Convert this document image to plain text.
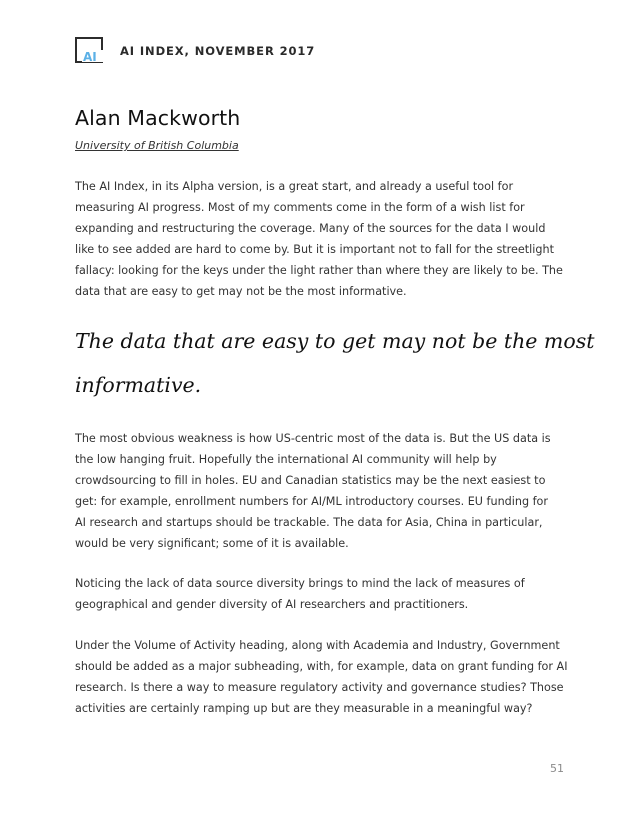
AI AI INDEX, NOVEMBER 2017
Alan Mackworth
University of British Columbia
The AI Index, in its Alpha version, is a great start, and already a useful tool for
measuring AI progress. Most of my comments come in the form of a wish list for
expanding and restructuring the coverage. Many of the sources for the data I would
like to see added are hard to come by. But it is important not to fall for the streetlight
fallacy: looking for the keys under the light rather than where they are likely to be. The
data that are easy to get may not be the most informative.
The data that are easy to get may not be the most
informative.
The most obvious weakness is how US-centric most of the data is. But the US data is
the low hanging fruit. Hopefully the international AI community will help by
crowdsourcing to fill in holes. EU and Canadian statistics may be the next easiest to
get: for example, enrollment numbers for AI/ML introductory courses. EU funding for
AI research and startups should be trackable. The data for Asia, China in particular,
would be very significant; some of it is available.
Noticing the lack of data source diversity brings to mind the lack of measures of
geographical and gender diversity of AI researchers and practitioners.
Under the Volume of Activity heading, along with Academia and Industry, Government
should be added as a major subheading, with, for example, data on grant funding for AI
research. Is there a way to measure regulatory activity and governance studies? Those
activities are certainly ramping up but are they measurable in a meaningful way?
51
